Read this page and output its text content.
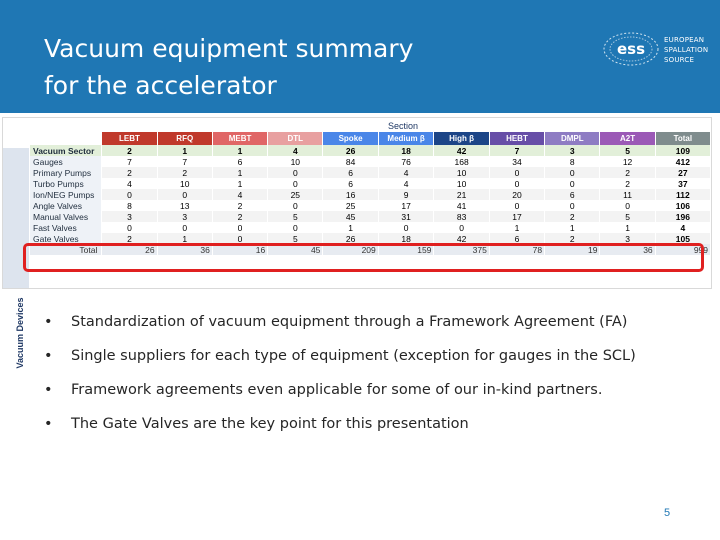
Vacuum equipment summary
for the accelerator
ess	EUROPEAN
SPALLATION
SOURCE
Section
Vacuum Devices
	LEBT	RFQ	MEBT	DTL	Spoke	Medium β	High β	HEBT	DMPL	A2T	Total
Vacuum Sector	2	1	1	4	26	18	42	7	3	5	109
Gauges	7	7	6	10	84	76	168	34	8	12	412
Primary Pumps	2	2	1	0	6	4	10	0	0	2	27
Turbo Pumps	4	10	1	0	6	4	10	0	0	2	37
Ion/NEG Pumps	0	0	4	25	16	9	21	20	6	11	112
Angle Valves	8	13	2	0	25	17	41	0	0	0	106
Manual Valves	3	3	2	5	45	31	83	17	2	5	196
Fast Valves	0	0	0	0	1	0	0	1	1	1	4
Gate Valves	2	1	0	5	26	18	42	6	2	3	105
Total	26	36	16	45	209	159	375	78	19	36	999
• Standardization of vacuum equipment through a Framework Agreement (FA)
• Single suppliers for each type of equipment (exception for gauges in the SCL)
• Framework agreements even applicable for some of our in-kind partners.
• The Gate Valves are the key point for this presentation
5
